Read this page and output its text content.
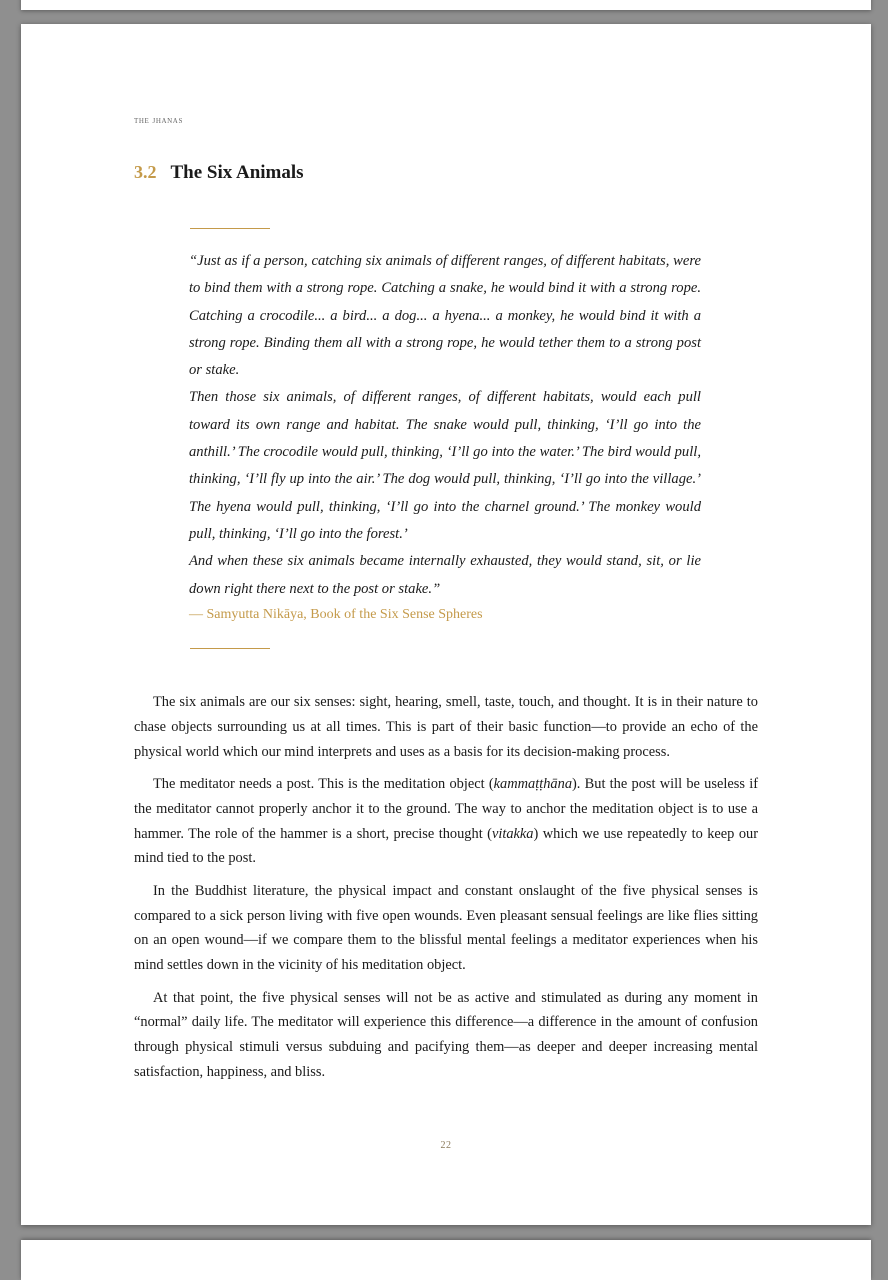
the jhanas
3.2 The Six Animals

“Just as if a person, catching six animals of different ranges, of different habitats, were to bind them with a strong rope. Catching a snake, he would bind it with a strong rope. Catching a crocodile... a bird... a dog... a hyena... a monkey, he would bind it with a strong rope. Binding them all with a strong rope, he would tether them to a strong post or stake.

Then those six animals, of different ranges, of different habitats, would each pull toward its own range and habitat. The snake would pull, thinking, ‘I’ll go into the anthill.’ The crocodile would pull, thinking, ‘I’ll go into the water.’ The bird would pull, thinking, ‘I’ll fly up into the air.’ The dog would pull, thinking, ‘I’ll go into the village.’ The hyena would pull, thinking, ‘I’ll go into the charnel ground.’ The monkey would pull, thinking, ‘I’ll go into the forest.’

And when these six animals became internally exhausted, they would stand, sit, or lie down right there next to the post or stake.”

— Samyutta Nikāya, Book of the Six Sense Spheres

The six animals are our six senses: sight, hearing, smell, taste, touch, and thought. It is in their nature to chase objects surrounding us at all times. This is part of their basic function—to provide an echo of the physical world which our mind interprets and uses as a basis for its decision-making process.

The meditator needs a post. This is the meditation object (kammaṭṭhāna). But the post will be useless if the meditator cannot properly anchor it to the ground. The way to anchor the meditation object is to use a hammer. The role of the hammer is a short, precise thought (vitakka) which we use repeatedly to keep our mind tied to the post.

In the Buddhist literature, the physical impact and constant onslaught of the five physical senses is compared to a sick person living with five open wounds. Even pleasant sensual feelings are like flies sitting on an open wound—if we compare them to the blissful mental feelings a meditator experiences when his mind settles down in the vicinity of his meditation object.

At that point, the five physical senses will not be as active and stimulated as during any moment in “normal” daily life. The meditator will experience this difference—a difference in the amount of confusion through physical stimuli versus subduing and pacifying them—as deeper and deeper increasing mental satisfaction, happiness, and bliss.

22
